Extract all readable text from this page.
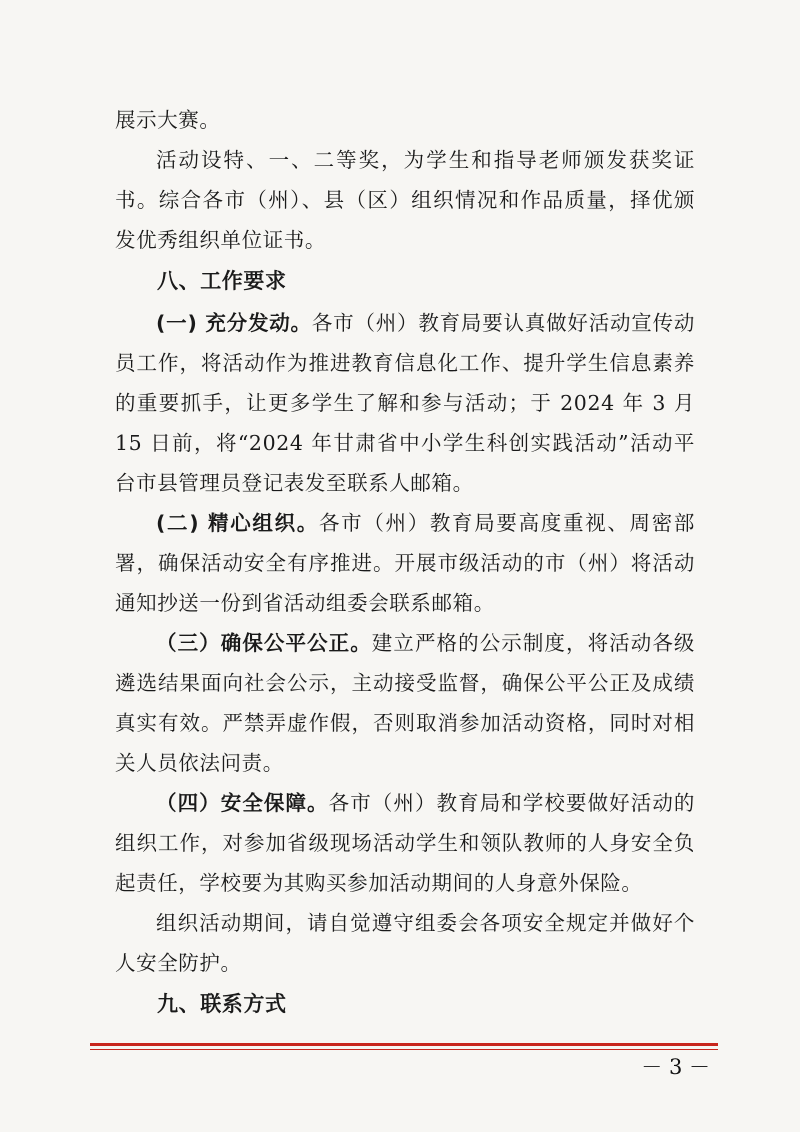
展示大赛。

活动设特、一、二等奖，为学生和指导老师颁发获奖证书。综合各市（州）、县（区）组织情况和作品质量，择优颁发优秀组织单位证书。

八、工作要求

(一) 充分发动。各市（州）教育局要认真做好活动宣传动员工作，将活动作为推进教育信息化工作、提升学生信息素养的重要抓手，让更多学生了解和参与活动；于 2024 年 3 月 15 日前，将“2024 年甘肃省中小学生科创实践活动”活动平台市县管理员登记表发至联系人邮箱。

(二) 精心组织。各市（州）教育局要高度重视、周密部署，确保活动安全有序推进。开展市级活动的市（州）将活动通知抄送一份到省活动组委会联系邮箱。

（三）确保公平公正。建立严格的公示制度，将活动各级遴选结果面向社会公示，主动接受监督，确保公平公正及成绩真实有效。严禁弄虚作假，否则取消参加活动资格，同时对相关人员依法问责。

（四）安全保障。各市（州）教育局和学校要做好活动的组织工作，对参加省级现场活动学生和领队教师的人身安全负起责任，学校要为其购买参加活动期间的人身意外保险。

组织活动期间，请自觉遵守组委会各项安全规定并做好个人安全防护。

九、联系方式

－ 3 －
